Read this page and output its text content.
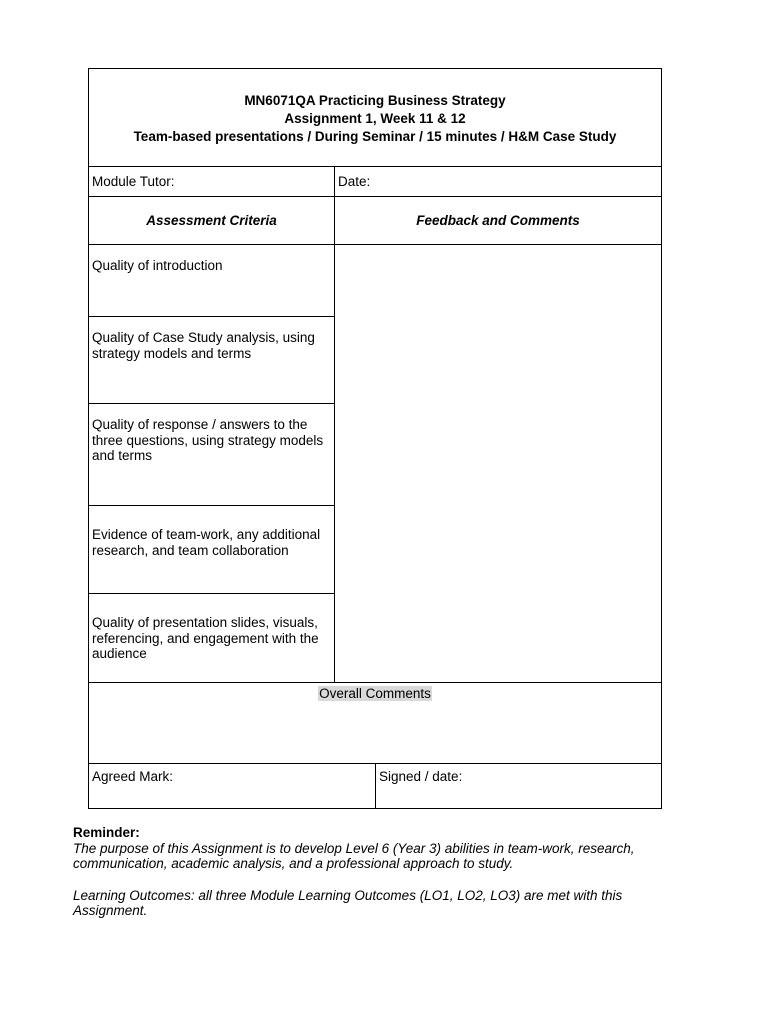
MN6071QA Practicing Business Strategy
Assignment 1, Week 11 & 12
Team-based presentations / During Seminar / 15 minutes / H&M Case Study
Module Tutor:	Date:
Assessment Criteria	Feedback and Comments
Quality of introduction
Quality of Case Study analysis, using strategy models and terms
Quality of response / answers to the three questions, using strategy models and terms
Evidence of team-work, any additional research, and team collaboration
Quality of presentation slides, visuals, referencing, and engagement with the audience
Overall Comments
Agreed Mark:	Signed / date:
Reminder:
The purpose of this Assignment is to develop Level 6 (Year 3) abilities in team-work, research, communication, academic analysis, and a professional approach to study.
Learning Outcomes: all three Module Learning Outcomes (LO1, LO2, LO3) are met with this Assignment.
